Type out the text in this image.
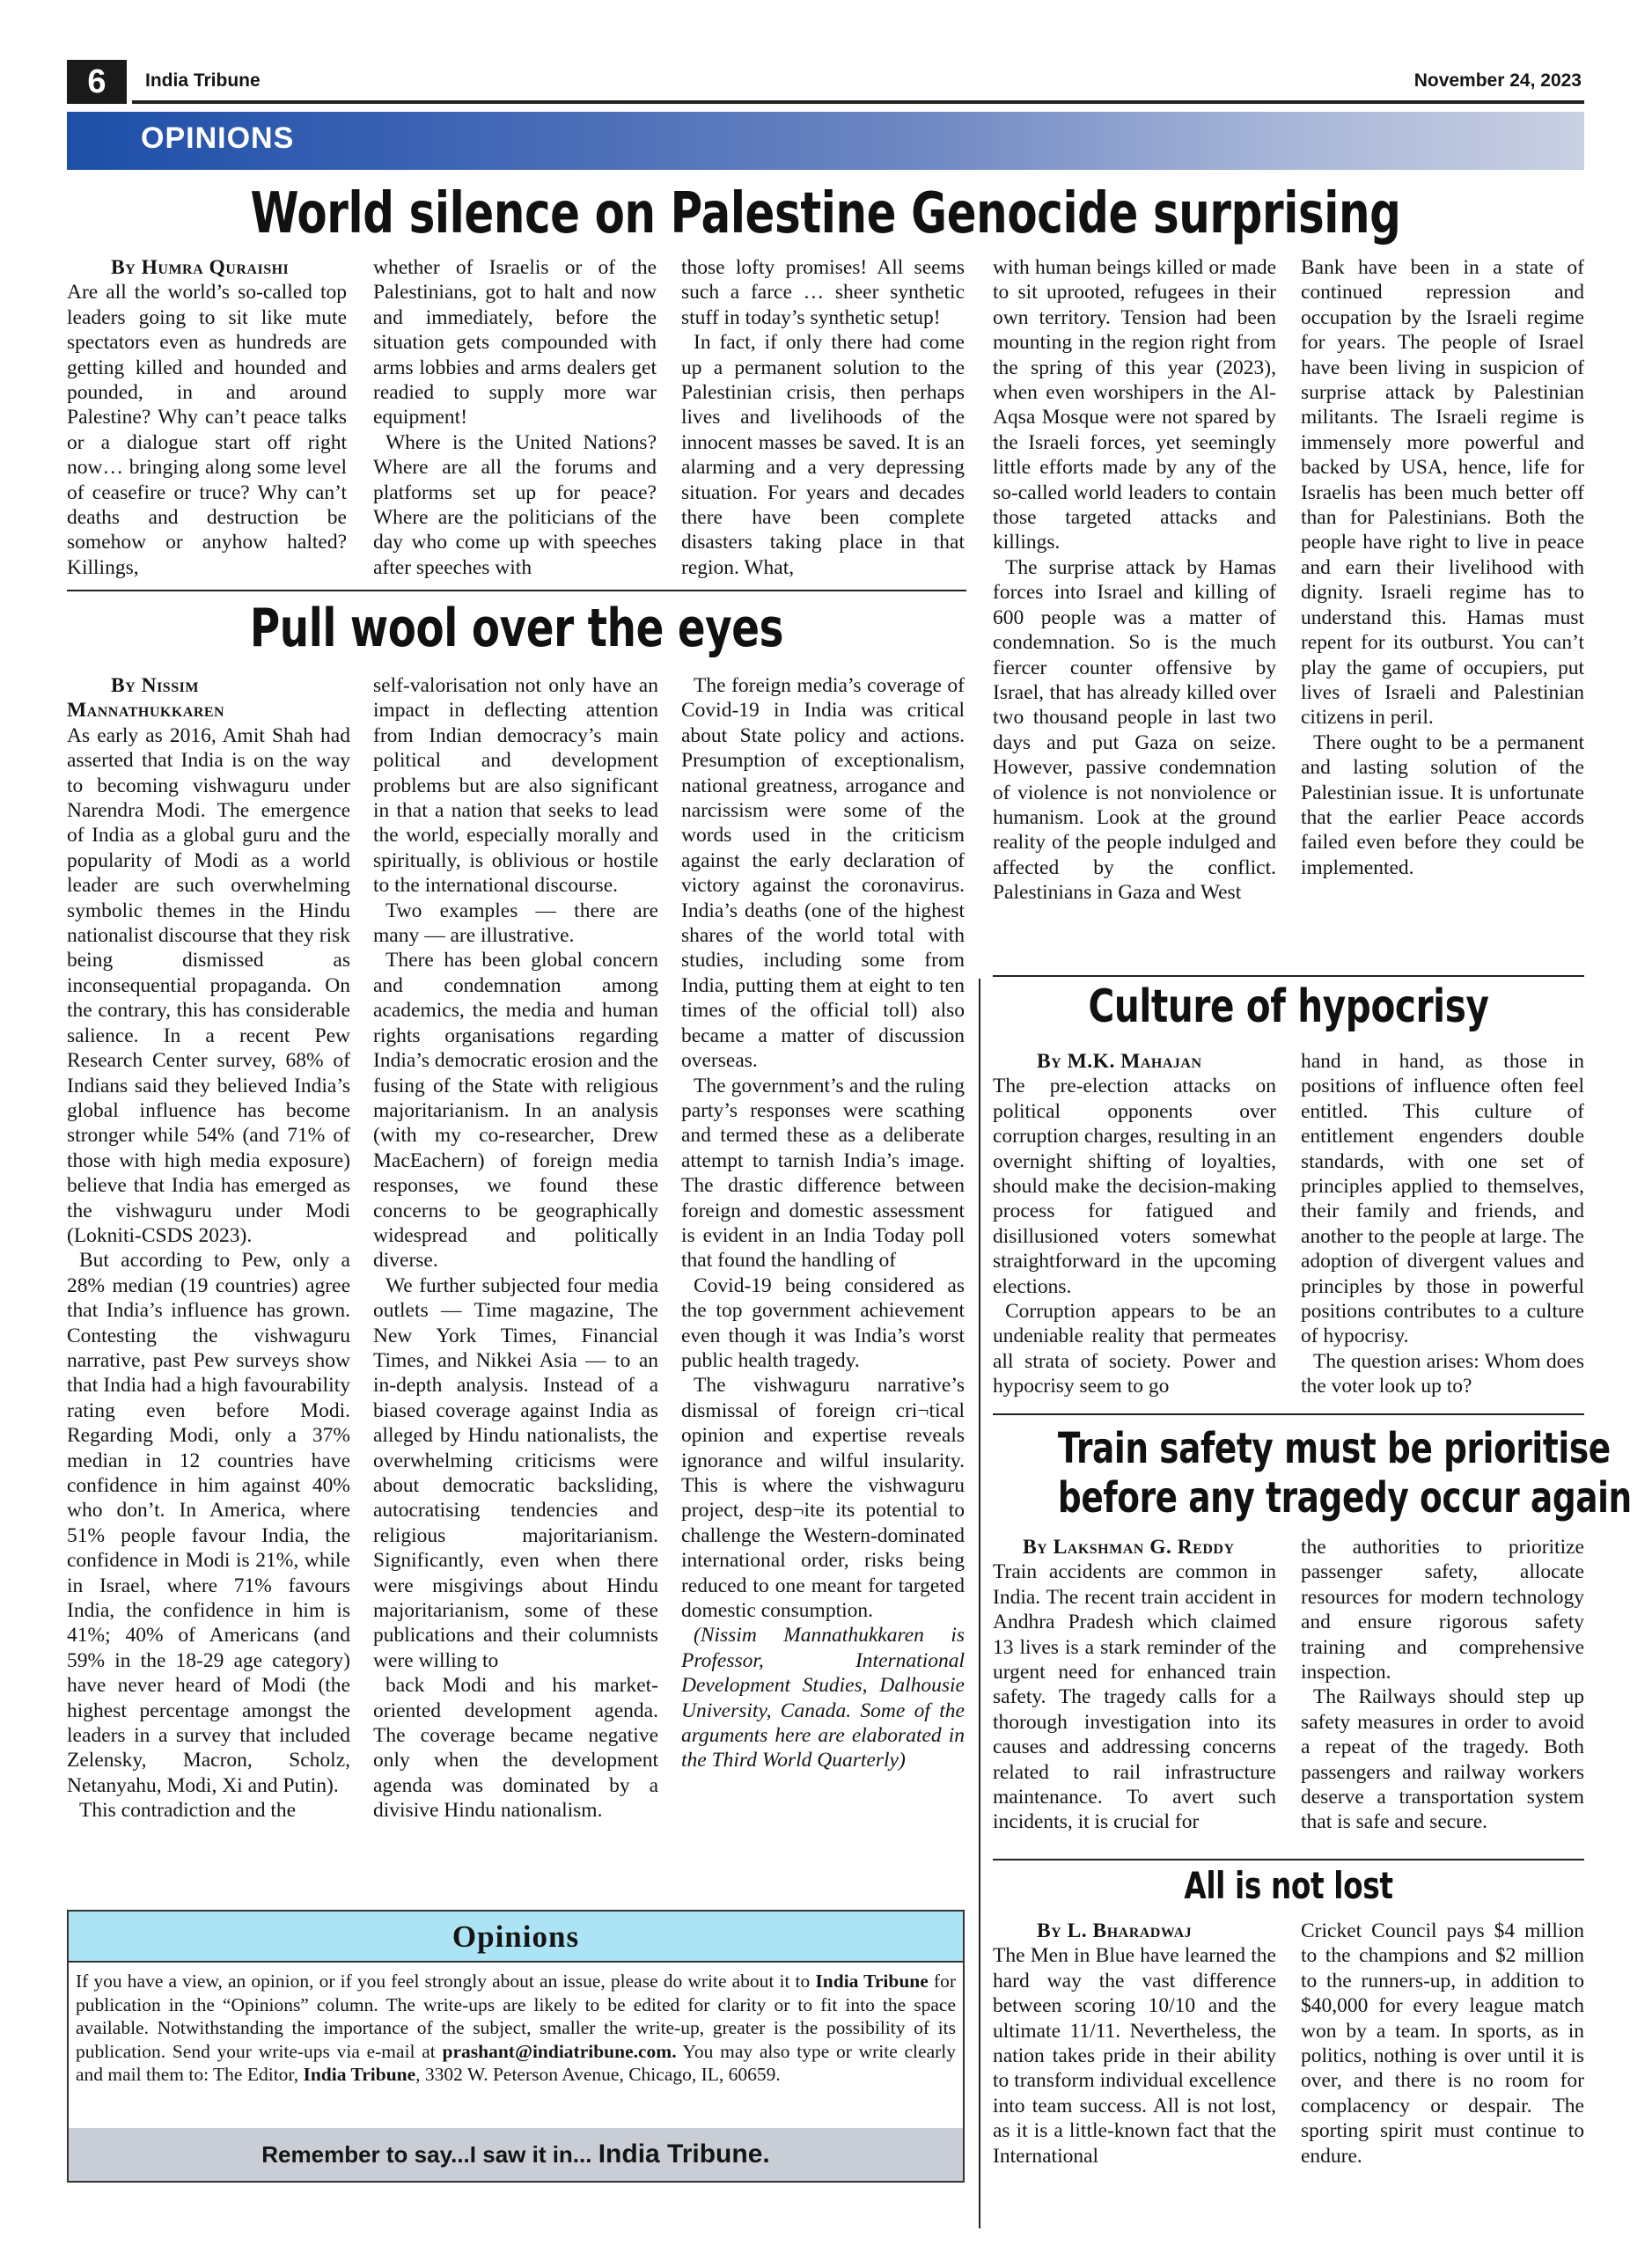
6	India Tribune	November 24, 2023
OPINIONS
World silence on Palestine Genocide surprising

By Humra Quraishi

Are all the world’s so-called top leaders going to sit like mute spectators even as hundreds are getting killed and hounded and pounded, in and around Palestine? Why can’t peace talks or a dialogue start off right now… bringing along some level of ceasefire or truce? Why can’t deaths and destruction be somehow or anyhow halted? Killings,

whether of Israelis or of the Palestinians, got to halt and now and immediately, before the situation gets compounded with arms lobbies and arms dealers get readied to supply more war equipment!

Where is the United Nations? Where are all the forums and platforms set up for peace? Where are the politicians of the day who come up with speeches after speeches with

those lofty promises! All seems such a farce … sheer synthetic stuff in today’s synthetic setup!

In fact, if only there had come up a permanent solution to the Palestinian crisis, then perhaps lives and livelihoods of the innocent masses be saved. It is an alarming and a very depressing situation. For years and decades there have been complete disasters taking place in that region. What,

with human beings killed or made to sit uprooted, refugees in their own territory. Tension had been mounting in the region right from the spring of this year (2023), when even worshipers in the Al-Aqsa Mosque were not spared by the Israeli forces, yet seemingly little efforts made by any of the so-called world leaders to contain those targeted attacks and killings.

The surprise attack by Hamas forces into Israel and killing of 600 people was a matter of condemnation. So is the much fiercer counter offensive by Israel, that has already killed over two thousand people in last two days and put Gaza on seize. However, passive condemnation of violence is not nonviolence or humanism. Look at the ground reality of the people indulged and affected by the conflict. Palestinians in Gaza and West

Bank have been in a state of continued repression and occupation by the Israeli regime for years. The people of Israel have been living in suspicion of surprise attack by Palestinian militants. The Israeli regime is immensely more powerful and backed by USA, hence, life for Israelis has been much better off than for Palestinians. Both the people have right to live in peace and earn their livelihood with dignity. Israeli regime has to understand this. Hamas must repent for its outburst. You can’t play the game of occupiers, put lives of Israeli and Palestinian citizens in peril.

There ought to be a permanent and lasting solution of the Palestinian issue. It is unfortunate that the earlier Peace accords failed even before they could be implemented.

Pull wool over the eyes

By Nissim Mannathukkaren

As early as 2016, Amit Shah had asserted that India is on the way to becoming vishwaguru under Narendra Modi. The emergence of India as a global guru and the popularity of Modi as a world leader are such overwhelming symbolic themes in the Hindu nationalist discourse that they risk being dismissed as inconsequential propaganda. On the contrary, this has considerable salience. In a recent Pew Research Center survey, 68% of Indians said they believed India’s global influence has become stronger while 54% (and 71% of those with high media exposure) believe that India has emerged as the vishwaguru under Modi (Lokniti-CSDS 2023).

But according to Pew, only a 28% median (19 countries) agree that India’s influence has grown. Contesting the vishwaguru narrative, past Pew surveys show that India had a high favourability rating even before Modi. Regarding Modi, only a 37% median in 12 countries have confidence in him against 40% who don’t. In America, where 51% people favour India, the confidence in Modi is 21%, while in Israel, where 71% favours India, the confidence in him is 41%; 40% of Americans (and 59% in the 18-29 age category) have never heard of Modi (the highest percentage amongst the leaders in a survey that included Zelensky, Macron, Scholz, Netanyahu, Modi, Xi and Putin).

This contradiction and the

self-valorisation not only have an impact in deflecting attention from Indian democracy’s main political and development problems but are also significant in that a nation that seeks to lead the world, especially morally and spiritually, is oblivious or hostile to the international discourse.

Two examples — there are many — are illustrative.

There has been global concern and condemnation among academics, the media and human rights organisations regarding India’s democratic erosion and the fusing of the State with religious majoritarianism. In an analysis (with my co-researcher, Drew MacEachern) of foreign media responses, we found these concerns to be geographically widespread and politically diverse.

We further subjected four media outlets — Time magazine, The New York Times, Financial Times, and Nikkei Asia — to an in-depth analysis. Instead of a biased coverage against India as alleged by Hindu nationalists, the overwhelming criticisms were about democratic backsliding, autocratising tendencies and religious majoritarianism. Significantly, even when there were misgivings about Hindu majoritarianism, some of these publications and their columnists were willing to

back Modi and his market-oriented development agenda. The coverage became negative only when the development agenda was dominated by a divisive Hindu nationalism.

The foreign media’s coverage of Covid-19 in India was critical about State policy and actions. Presumption of exceptionalism, national greatness, arrogance and narcissism were some of the words used in the criticism against the early declaration of victory against the coronavirus. India’s deaths (one of the highest shares of the world total with studies, including some from India, putting them at eight to ten times of the official toll) also became a matter of discussion overseas.

The government’s and the ruling party’s responses were scathing and termed these as a deliberate attempt to tarnish India’s image. The drastic difference between foreign and domestic assessment is evident in an India Today poll that found the handling of

Covid-19 being considered as the top government achievement even though it was India’s worst public health tragedy.

The vishwaguru narrative’s dismissal of foreign cri¬tical opinion and expertise reveals ignorance and wilful insularity. This is where the vishwaguru project, desp¬ite its potential to challenge the Western-dominated international order, risks being reduced to one meant for targeted domestic consumption.

(Nissim Mannathukkaren is Professor, International Development Studies, Dalhousie University, Canada. Some of the arguments here are elaborated in the Third World Quarterly)

Culture of hypocrisy

By M.K. Mahajan

The pre-election attacks on political opponents over corruption charges, resulting in an overnight shifting of loyalties, should make the decision-making process for fatigued and disillusioned voters somewhat straightforward in the upcoming elections.

Corruption appears to be an undeniable reality that permeates all strata of society. Power and hypocrisy seem to go

hand in hand, as those in positions of influence often feel entitled. This culture of entitlement engenders double standards, with one set of principles applied to themselves, their family and friends, and another to the people at large. The adoption of divergent values and principles by those in powerful positions contributes to a culture of hypocrisy.

The question arises: Whom does the voter look up to?

Train safety must be prioritise
before any tragedy occur again

By Lakshman G. Reddy

Train accidents are common in India. The recent train accident in Andhra Pradesh which claimed 13 lives is a stark reminder of the urgent need for enhanced train safety. The tragedy calls for a thorough investigation into its causes and addressing concerns related to rail infrastructure maintenance. To avert such incidents, it is crucial for

the authorities to prioritize passenger safety, allocate resources for modern technology and ensure rigorous safety training and comprehensive inspection.

The Railways should step up safety measures in order to avoid a repeat of the tragedy. Both passengers and railway workers deserve a transportation system that is safe and secure.

All is not lost

By L. Bharadwaj

The Men in Blue have learned the hard way the vast difference between scoring 10/10 and the ultimate 11/11. Nevertheless, the nation takes pride in their ability to transform individual excellence into team success. All is not lost, as it is a little-known fact that the International

Cricket Council pays $4 million to the champions and $2 million to the runners-up, in addition to $40,000 for every league match won by a team. In sports, as in politics, nothing is over until it is over, and there is no room for complacency or despair. The sporting spirit must continue to endure.

Opinions
If you have a view, an opinion, or if you feel strongly about an issue, please do write about it to India Tribune for publication in the “Opinions” column. The write-ups are likely to be edited for clarity or to fit into the space available. Notwithstanding the importance of the subject, smaller the write-up, greater is the possibility of its publication. Send your write-ups via e-mail at prashant@indiatribune.com. You may also type or write clearly and mail them to: The Editor, India Tribune, 3302 W. Peterson Avenue, Chicago, IL, 60659.
Remember to say...I saw it in... India Tribune.
